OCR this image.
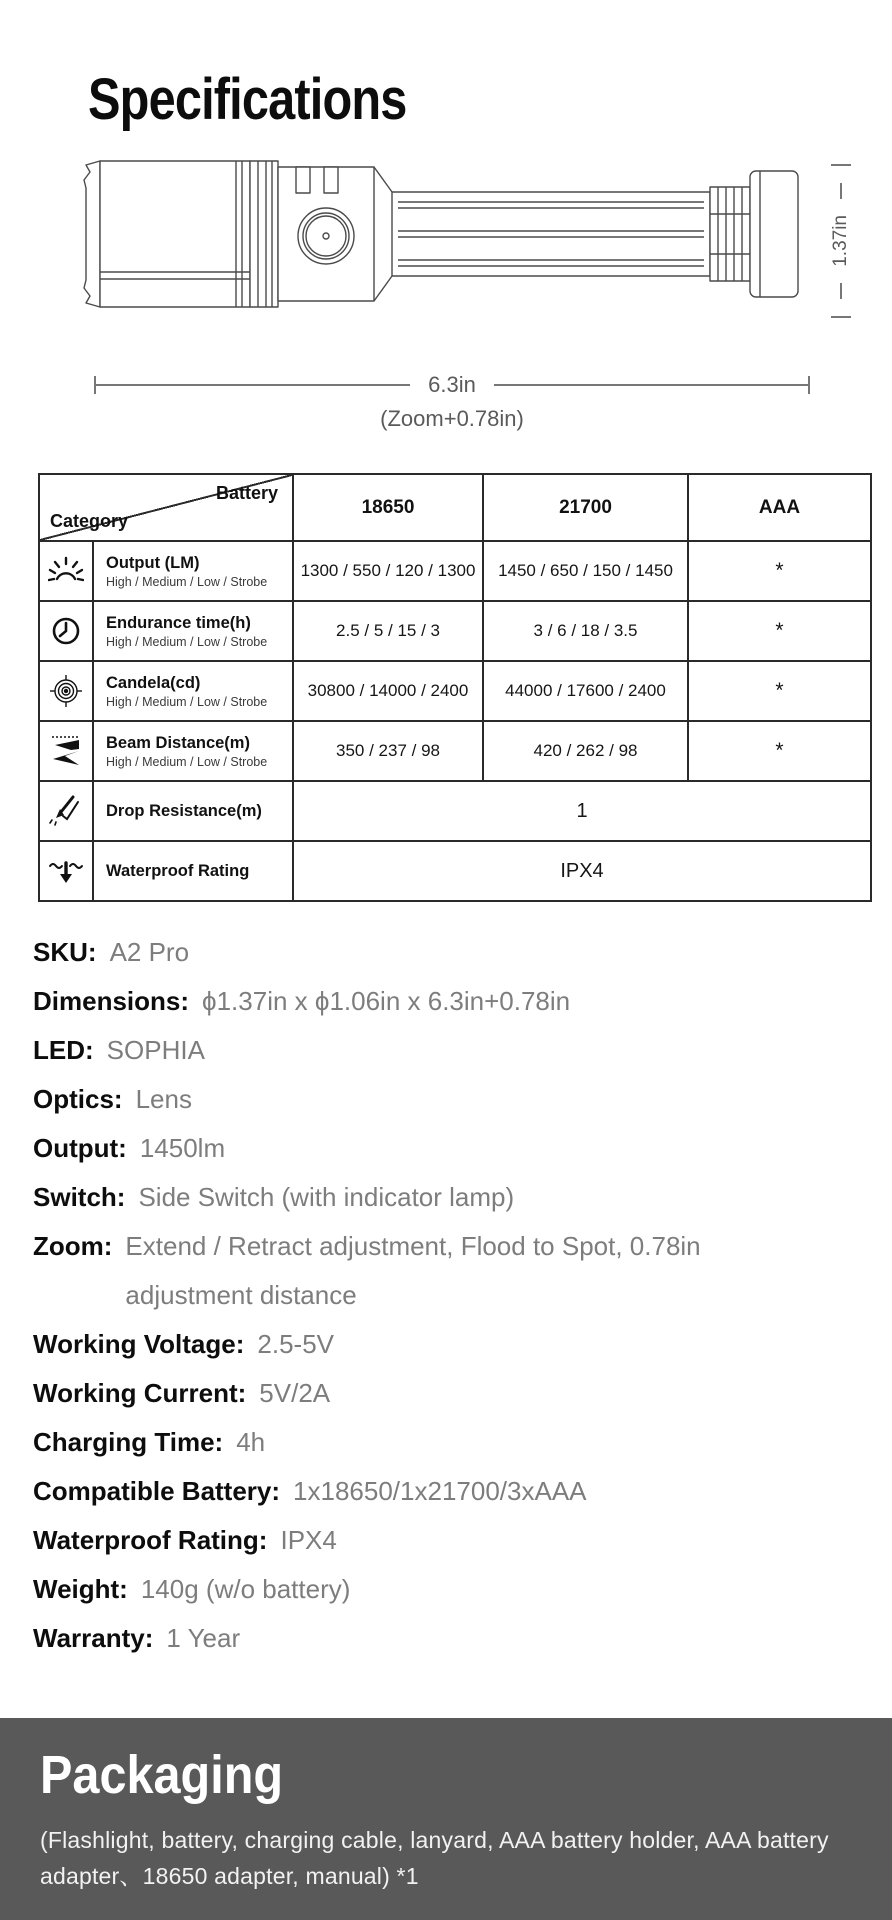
Specifications
1.37in
6.3in
(Zoom+0.78in)
Battery
Category		18650	21700	AAA

Output (LM)
High / Medium / Low / Strobe	1300 / 550 / 120 / 1300	1450 / 650 / 150 / 1450	*

Endurance time(h)
High / Medium / Low / Strobe	2.5 / 5 / 15 / 3	3 / 6 / 18 / 3.5	*

Candela(cd)
High / Medium / Low / Strobe	30800 / 14000 / 2400	44000 / 17600 / 2400	*

Beam Distance(m)
High / Medium / Low / Strobe	350 / 237 / 98	420 / 262 / 98	*

Drop Resistance(m)	1		

Waterproof Rating	IPX4		
SKU: A2 Pro
Dimensions: ϕ1.37in x ϕ1.06in x 6.3in+0.78in
LED: SOPHIA
Optics: Lens
Output: 1450lm
Switch: Side Switch (with indicator lamp)
Zoom: Extend / Retract adjustment, Flood to Spot, 0.78in adjustment distance
Working Voltage: 2.5-5V
Working Current: 5V/2A
Charging Time: 4h
Compatible Battery: 1x18650/1x21700/3xAAA
Waterproof Rating: IPX4
Weight: 140g (w/o battery)
Warranty: 1 Year
Packaging
(Flashlight, battery, charging cable, lanyard, AAA battery holder, AAA battery adapter、18650 adapter, manual) *1
